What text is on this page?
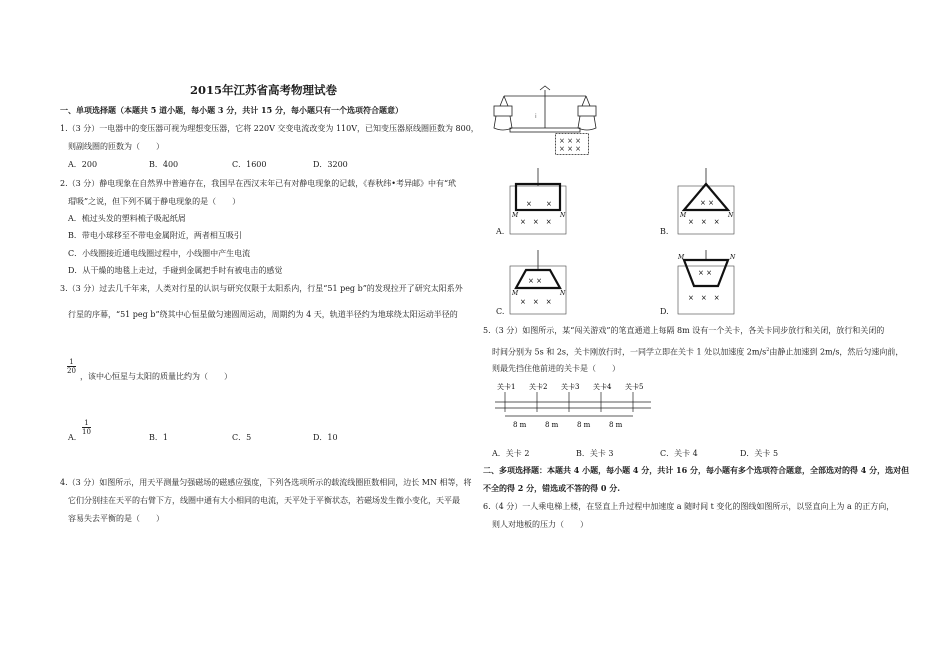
2015年江苏省高考物理试卷
一、单项选择题（本题共 5 道小题，每小题 3 分，共计 15 分，每小题只有一个选项符合题意）
1.（3 分）一电器中的变压器可视为理想变压器，它将 220V 交变电流改变为 110V，已知变压器原线圈匝数为 800，
则副线圈的匝数为（　　）
A．200	B．400	C．1600	D．3200
2.（3 分）静电现象在自然界中普遍存在，我国早在西汉末年已有对静电现象的记载，《春秋纬•考异邮》中有“玳
瑁吸”之说，但下列不属于静电现象的是（　　）
A．梳过头发的塑料梳子吸起纸屑
B．带电小球移至不带电金属附近，两者相互吸引
C．小线圈接近通电线圈过程中，小线圈中产生电流
D．从干燥的地毯上走过，手碰到金属把手时有被电击的感觉
3.（3 分）过去几千年来，人类对行星的认识与研究仅限于太阳系内，行星“51 peg b”的发现拉开了研究太阳系外
行星的序幕，“51 peg b”绕其中心恒星做匀速圆周运动，周期约为 4 天，轨道半径约为地球绕太阳运动半径的
$\frac{1}{20}$
，该中心恒星与太阳的质量比约为（　　）
A．
$\frac{1}{10}$
B．1	C．5	D．10
4.（3 分）如图所示，用天平测量匀强磁场的磁感应强度，下列各选项所示的载流线圈匝数相同，边长 MN 相等，将
它们分别挂在天平的右臂下方，线圈中通有大小相同的电流，天平处于平衡状态，若磁场发生微小变化，天平最
容易失去平衡的是（　　）
⁞
× × ×
× × ×
× ×
M	N
×　×　×
A.
× ×
M	N
×　×　×
B.
× ×
M	N
×　×　×
C.
× ×
M	N
×　×　×
D.
5.（3 分）如图所示，某“闯关游戏”的笔直通道上每隔 8m 设有一个关卡，各关卡同步放行和关闭，放行和关闭的
时间分别为 5s 和 2s，关卡刚放行时，一同学立即在关卡 1 处以加速度 $2m/s^2$由静止加速到 2m/s，然后匀速向前，
则最先挡住他前进的关卡是（　　）
关卡1 关卡2 关卡3 关卡4 关卡5
8 m	8 m	8 m	8 m
A．关卡 2	B．关卡 3	C．关卡 4	D．关卡 5
二、多项选择题：本题共 4 小题，每小题 4 分，共计 16 分，每小题有多个选项符合题意，全部选对的得 4 分，选对但
不全的得 2 分，错选或不答的得 0 分.
6.（4 分）一人乘电梯上楼，在竖直上升过程中加速度 a 随时间 t 变化的图线如图所示，以竖直向上为 a 的正方向，
则人对地板的压力（　　）
